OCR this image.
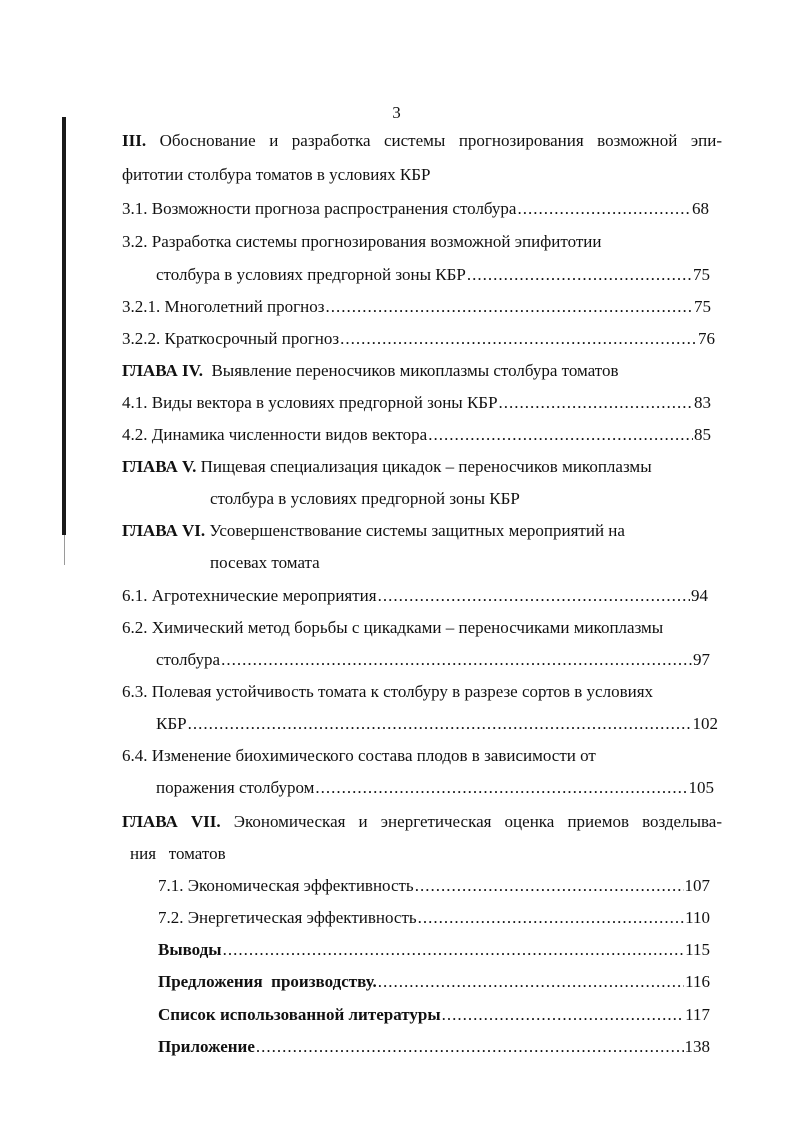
3
III. Обоснование и разработка системы прогнозирования возможной эпи-
фитотии столбура томатов в условиях КБР
3.1. Возможности прогноза распространения столбура .....	68
3.2. Разработка системы прогнозирования возможной эпифитотии
столбура в условиях предгорной зоны КБР .....	75
3.2.1. Многолетний прогноз .....	75
3.2.2. Краткосрочный прогноз .....	76
ГЛАВА IV. Выявление переносчиков микоплазмы столбура томатов
4.1. Виды вектора в условиях предгорной зоны КБР .....	83
4.2. Динамика численности видов вектора .....	85
ГЛАВА V. Пищевая специализация цикадок – переносчиков микоплазмы
столбура в условиях предгорной зоны КБР
ГЛАВА VI. Усовершенствование системы защитных мероприятий на
посевах томата
6.1. Агротехнические мероприятия .....	94
6.2. Химический метод борьбы с цикадками – переносчиками микоплазмы
столбура .....	97
6.3. Полевая устойчивость томата к столбуру в разрезе сортов в условиях
КБР .....	102
6.4. Изменение биохимического состава плодов в зависимости от
поражения столбуром .....	105
ГЛАВА VII. Экономическая и энергетическая оценка приемов возделыва-
ния   томатов
7.1. Экономическая эффективность .....	107
7.2. Энергетическая эффективность .....	110
Выводы .....	115
Предложения  производству. .....	116
Список использованной литературы .....	117
Приложение .....	138
